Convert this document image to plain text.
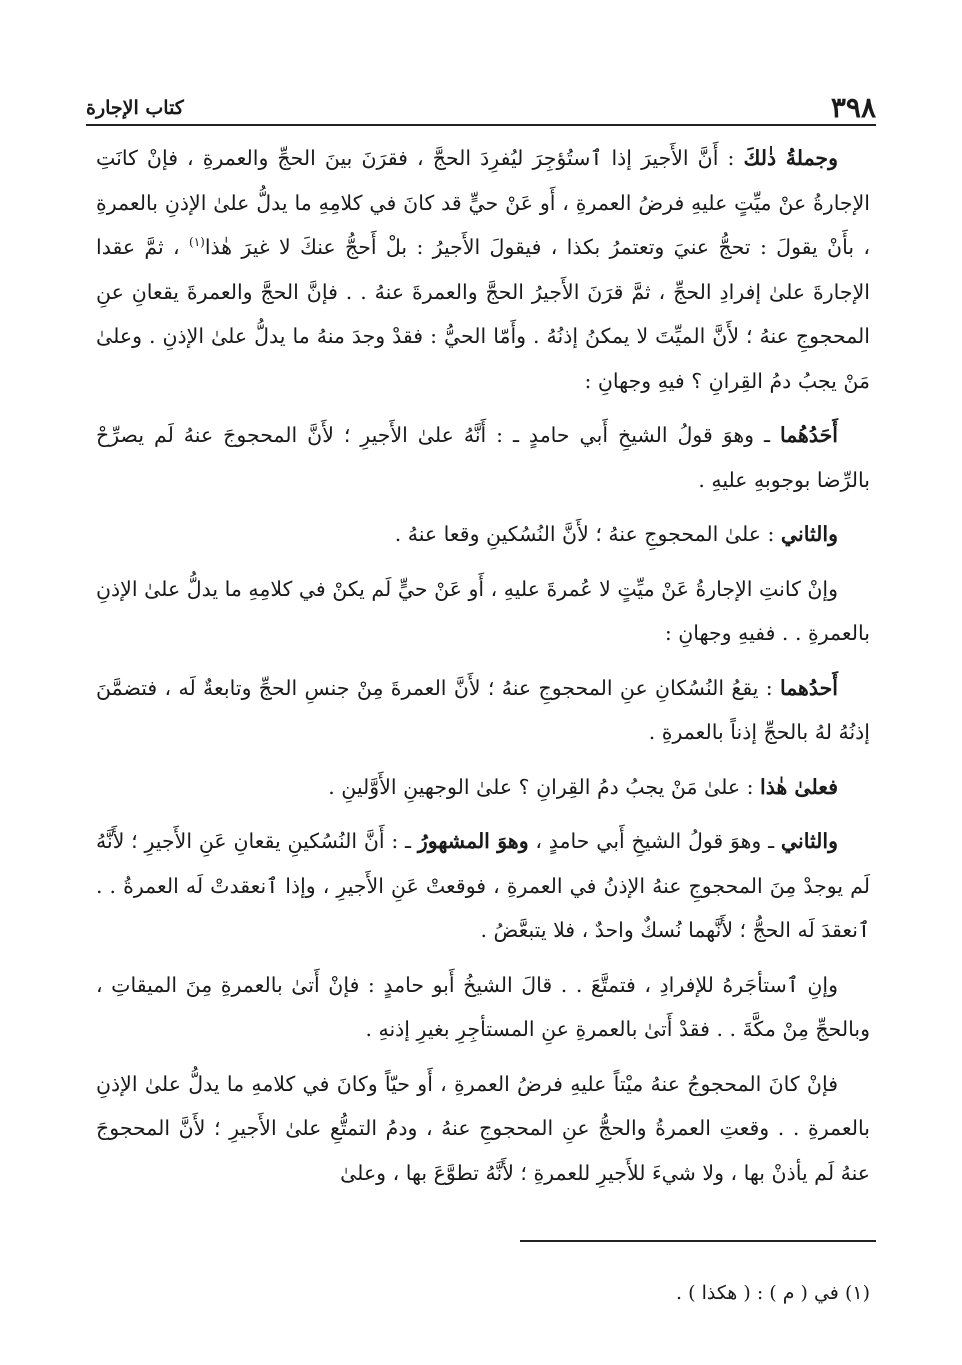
٣٩٨
كتاب الإجارة

وجملةُ ذٰلكَ : أَنَّ الأَجيرَ إذا ٱستُؤجِرَ ليُفرِدَ الحجَّ ، فقرَنَ بينَ الحجِّ والعمرةِ ، فإنْ كانَتِ الإجارةُ عنْ ميِّتٍ عليهِ فرضُ العمرةِ ، أَو عَنْ حيٍّ قد كانَ في كلامِهِ ما يدلُّ علىٰ الإذنِ بالعمرةِ ، بأَنْ يقولَ : تحجُّ عنيَ وتعتمرُ بكذا ، فيقولَ الأَجيرُ : بلْ أَحجُّ عنكَ لا غيرَ هٰذا$^{(١)}$ ، ثمَّ عقدا الإجارةَ علىٰ إفرادِ الحجِّ ، ثمَّ قرَنَ الأَجيرُ الحجَّ والعمرةَ عنهُ . . فإنَّ الحجَّ والعمرةَ يقعانِ عنِ المحجوجِ عنهُ ؛ لأَنَّ الميِّتَ لا يمكنُ إذنُهُ . وأَمّا الحيُّ : فقدْ وجدَ منهُ ما يدلُّ علىٰ الإذنِ . وعلىٰ مَنْ يجبُ دمُ القِرانِ ؟ فيهِ وجهانِ :

أَحَدُهُما ـ وهوَ قولُ الشيخِ أَبي حامدٍ ـ : أَنَّهُ علىٰ الأَجيرِ ؛ لأَنَّ المحجوجَ عنهُ لَم يصرِّحْ بالرِّضا بوجوبهِ عليهِ .

والثاني : علىٰ المحجوجِ عنهُ ؛ لأَنَّ النُسُكينِ وقعا عنهُ .

وإنْ كانتِ الإجارةُ عَنْ ميِّتٍ لا عُمرةَ عليهِ ، أَو عَنْ حيٍّ لَم يكنْ في كلامِهِ ما يدلُّ علىٰ الإذنِ بالعمرةِ . . ففيهِ وجهانِ :

أَحدُهما : يقعُ النُسُكانِ عنِ المحجوجِ عنهُ ؛ لأَنَّ العمرةَ مِنْ جنسِ الحجِّ وتابعةٌ لَه ، فتضمَّنَ إذنُهُ لهُ بالحجِّ إذناً بالعمرةِ .

فعلىٰ هٰذا : علىٰ مَنْ يجبُ دمُ القِرانِ ؟ علىٰ الوجهينِ الأَوَّلينِ .

والثاني ـ وهوَ قولُ الشيخِ أَبي حامدٍ ، وهوَ المشهورُ ـ : أَنَّ النُسُكينِ يقعانِ عَنِ الأَجيرِ ؛ لأَنَّهُ لَم يوجدْ مِنَ المحجوجِ عنهُ الإذنُ في العمرةِ ، فوقعتْ عَنِ الأَجيرِ ، وإذا ٱنعقدتْ لَه العمرةُ . . ٱنعقدَ لَه الحجُّ ؛ لأَنَّهما نُسكٌ واحدٌ ، فلا يتبعَّضُ .

وإنِ ٱستأجَرهُ للإفرادِ ، فتمتَّعَ . . قالَ الشيخُ أَبو حامدٍ : فإنْ أَتىٰ بالعمرةِ مِنَ الميقاتِ ، وبالحجِّ مِنْ مكَّةَ . . فقدْ أَتىٰ بالعمرةِ عنِ المستأجِرِ بغيرِ إذنهِ .

فإنْ كانَ المحجوجُ عنهُ ميْتاً عليهِ فرضُ العمرةِ ، أَو حيّاً وكانَ في كلامهِ ما يدلُّ علىٰ الإذنِ بالعمرةِ . . وقعتِ العمرةُ والحجُّ عنِ المحجوجِ عنهُ ، ودمُ التمتُّعِ علىٰ الأَجيرِ ؛ لأَنَّ المحجوجَ عنهُ لَم يأذنْ بها ، ولا شيءَ للأَجيرِ للعمرةِ ؛ لأَنَّهُ تطوَّعَ بها ، وعلىٰ

(١) في ( م ) : ( هكذا ) .
